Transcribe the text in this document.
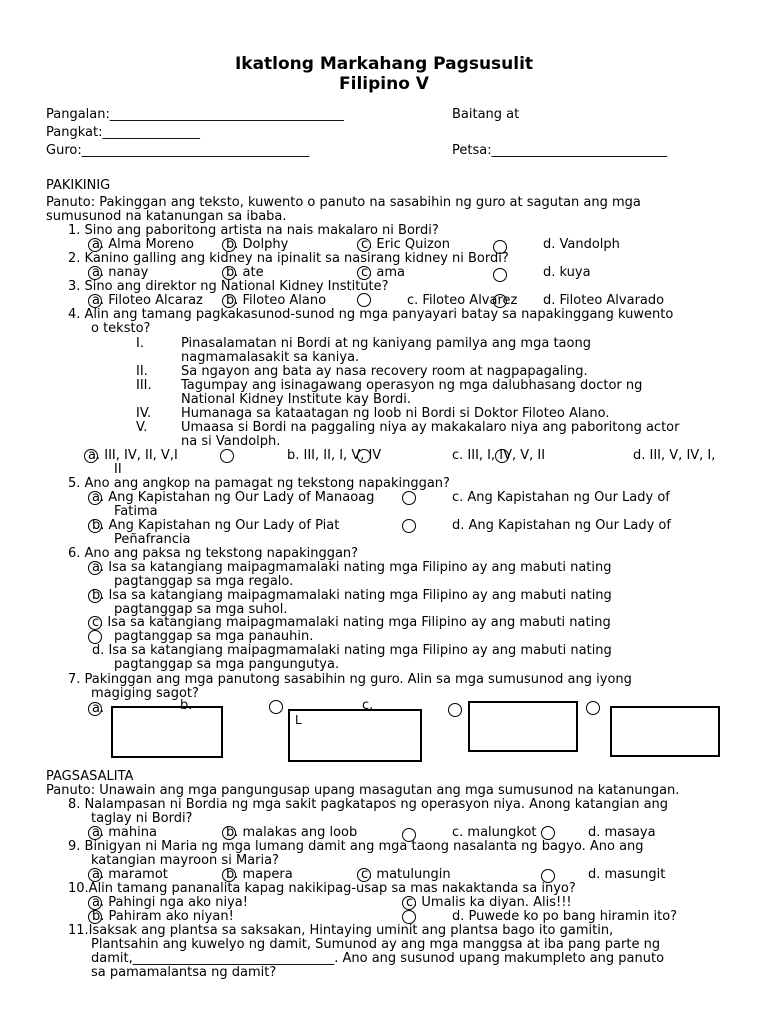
Ikatlong Markahang Pagsusulit
Filipino V
Pangalan:____________________________________	Baitang at
Pangkat:_______________
Guro:___________________________________	Petsa:___________________________
PAKIKINIG
Panuto: Pakinggan ang teksto, kuwento o panuto na sasabihin ng guro at sagutan ang mga
sumusunod na katanungan sa ibaba.
1. Sino ang paboritong artista na nais makalaro ni Bordi?
a. Alma Moreno b. Dolphy	c. Eric Quizon	d. Vandolph
2. Kanino galling ang kidney na ipinalit sa nasirang kidney ni Bordi?
a. nanay	b. ate	c. ama	d. kuya
3. Sino ang direktor ng National Kidney Institute?
a. Filoteo Alcaraz b. Filoteo Alano	c. Filoteo Alvarez d. Filoteo Alvarado
4. Alin ang tamang pagkakasunod-sunod ng mga panyayari batay sa napakinggang kuwento
o teksto?
I.	Pinasalamatan ni Bordi at ng kaniyang pamilya ang mga taong
nagmamalasakit sa kaniya.
II.	Sa ngayon ang bata ay nasa recovery room at nagpapagaling.
III. Tagumpay ang isinagawang operasyon ng mga dalubhasang doctor ng
National Kidney Institute kay Bordi.
IV. Humanaga sa kataatagan ng loob ni Bordi si Doktor Filoteo Alano.
V.	Umaasa si Bordi na paggaling niya ay makakalaro niya ang paboritong actor
na si Vandolph.
a. III, IV, II, V,I	b. III, II, I, V, IV	c. III, I, IV, V, II	d. III, V, IV, I,
II
5. Ano ang angkop na pamagat ng tekstong napakinggan?
a. Ang Kapistahan ng Our Lady of Manaoag	c. Ang Kapistahan ng Our Lady of
Fatima
b. Ang Kapistahan ng Our Lady of Piat	d. Ang Kapistahan ng Our Lady of
Peñafrancia
6. Ano ang paksa ng tekstong napakinggan?
a. Isa sa katangiang maipagmamalaki nating mga Filipino ay ang mabuti nating
pagtanggap sa mga regalo.
b. Isa sa katangiang maipagmamalaki nating mga Filipino ay ang mabuti nating
pagtanggap sa mga suhol.
c. Isa sa katangiang maipagmamalaki nating mga Filipino ay ang mabuti nating
pagtanggap sa mga panauhin.
d. Isa sa katangiang maipagmamalaki nating mga Filipino ay ang mabuti nating
pagtanggap sa mga pangungutya.
7. Pakinggan ang mga panutong sasabihin ng guro. Alin sa mga sumusunod ang iyong
magiging sagot?
a.	b.	c.
L
PAGSASALITA
Panuto: Unawain ang mga pangungusap upang masagutan ang mga sumusunod na katanungan.
8. Nalampasan ni Bordia ng mga sakit pagkatapos ng operasyon niya. Anong katangian ang
taglay ni Bordi?
a. mahina	b. malakas ang loob	c. malungkot	d. masaya
9. Binigyan ni Maria ng mga lumang damit ang mga taong nasalanta ng bagyo. Ano ang
katangian mayroon si Maria?
a. maramot	b. mapera	c. matulungin	d. masungit
10.Alin tamang pananalita kapag nakikipag-usap sa mas nakaktanda sa inyo?
a. Pahingi nga ako niya!	c. Umalis ka diyan. Alis!!!
b. Pahiram ako niyan!	d. Puwede ko po bang hiramin ito?
11.Isaksak ang plantsa sa saksakan, Hintaying uminit ang plantsa bago ito gamitin,
Plantsahin ang kuwelyo ng damit, Sumunod ay ang mga manggsa at iba pang parte ng
damit,_______________________________. Ano ang susunod upang makumpleto ang panuto
sa pamamalantsa ng damit?
